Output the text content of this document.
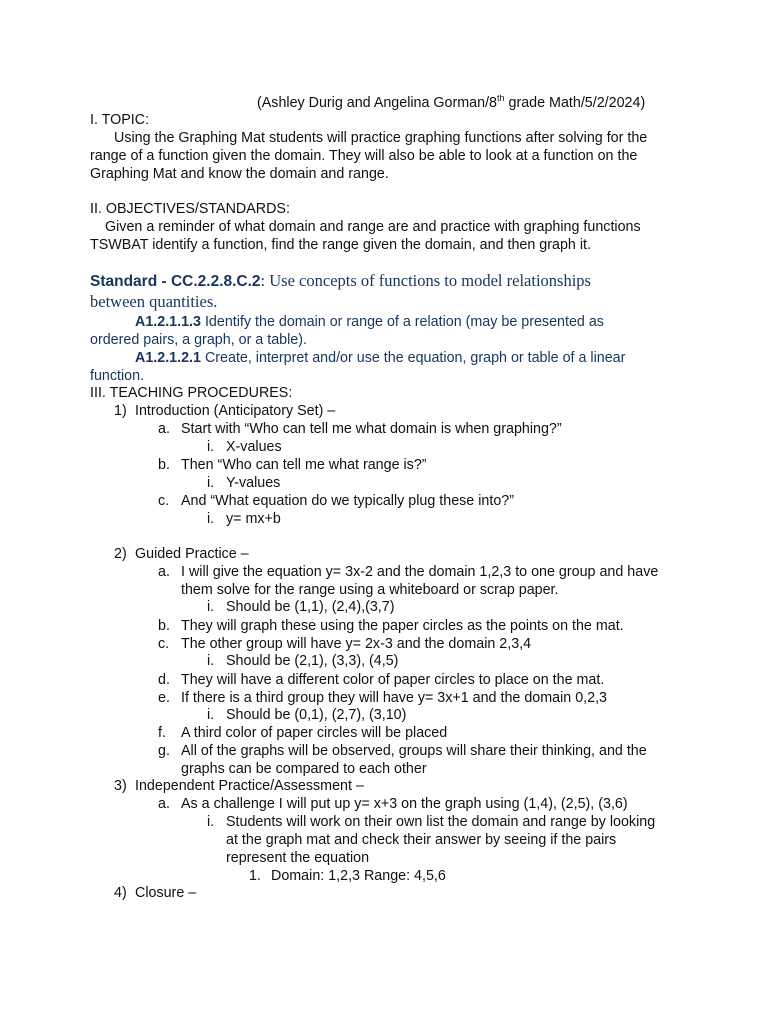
(Ashley Durig and Angelina Gorman/8th grade Math/5/2/2024)
I. TOPIC:
Using the Graphing Mat students will practice graphing functions after solving for the
range of a function given the domain. They will also be able to look at a function on the
Graphing Mat and know the domain and range.
II. OBJECTIVES/STANDARDS:
Given a reminder of what domain and range are and practice with graphing functions
TSWBAT identify a function, find the range given the domain, and then graph it.
Standard - CC.2.2.8.C.2: Use concepts of functions to model relationships
between quantities.
A1.2.1.1.3 Identify the domain or range of a relation (may be presented as
ordered pairs, a graph, or a table).
A1.2.1.2.1 Create, interpret and/or use the equation, graph or table of a linear
function.
III. TEACHING PROCEDURES:
1) Introduction (Anticipatory Set) –
a. Start with “Who can tell me what domain is when graphing?”
i. X-values
b. Then “Who can tell me what range is?”
i. Y-values
c. And “What equation do we typically plug these into?”
i. y= mx+b
2) Guided Practice –
a. I will give the equation y= 3x-2 and the domain 1,2,3 to one group and have
them solve for the range using a whiteboard or scrap paper.
i. Should be (1,1), (2,4),(3,7)
b. They will graph these using the paper circles as the points on the mat.
c. The other group will have y= 2x-3 and the domain 2,3,4
i. Should be (2,1), (3,3), (4,5)
d. They will have a different color of paper circles to place on the mat.
e. If there is a third group they will have y= 3x+1 and the domain 0,2,3
i. Should be (0,1), (2,7), (3,10)
f. A third color of paper circles will be placed
g. All of the graphs will be observed, groups will share their thinking, and the
graphs can be compared to each other
3) Independent Practice/Assessment –
a. As a challenge I will put up y= x+3 on the graph using (1,4), (2,5), (3,6)
i. Students will work on their own list the domain and range by looking
at the graph mat and check their answer by seeing if the pairs
represent the equation
1. Domain: 1,2,3 Range: 4,5,6
4) Closure –
